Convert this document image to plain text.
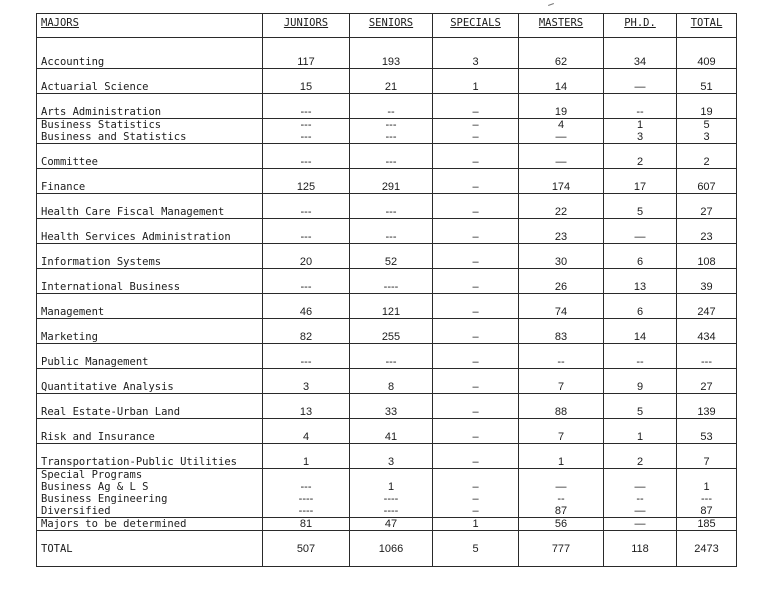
MAJORS	JUNIORS	SENIORS	SPECIALS	MASTERS	PH.D.	TOTAL
Accounting	117	193	3	62	34	409
Actuarial Science	15	21	1	14	—	51
Arts Administration	---	--	–	19	--	19
Business Statistics	---	---	–	4	1	5
Business and Statistics	---	---	–	—	3	3
Committee	---	---	–	—	2	2
Finance	125	291	–	174	17	607
Health Care Fiscal Management	---	---	–	22	5	27
Health Services Administration	---	---	–	23	—	23
Information Systems	20	52	–	30	6	108
International Business	---	----	–	26	13	39
Management	46	121	–	74	6	247
Marketing	82	255	–	83	14	434
Public Management	---	---	–	--	--	---
Quantitative Analysis	3	8	–	7	9	27
Real Estate-Urban Land	13	33	–	88	5	139
Risk and Insurance	4	41	–	7	1	53
Transportation-Public Utilities	1	3	–	1	2	7
Special Programs						
Business Ag & L S	---	1	–	—	—	1
Business Engineering	----	----	–	--	--	---
Diversified	----	----	–	87	—	87
Majors to be determined	81	47	1	56	—	185
TOTAL	507	1066	5	777	118	2473
